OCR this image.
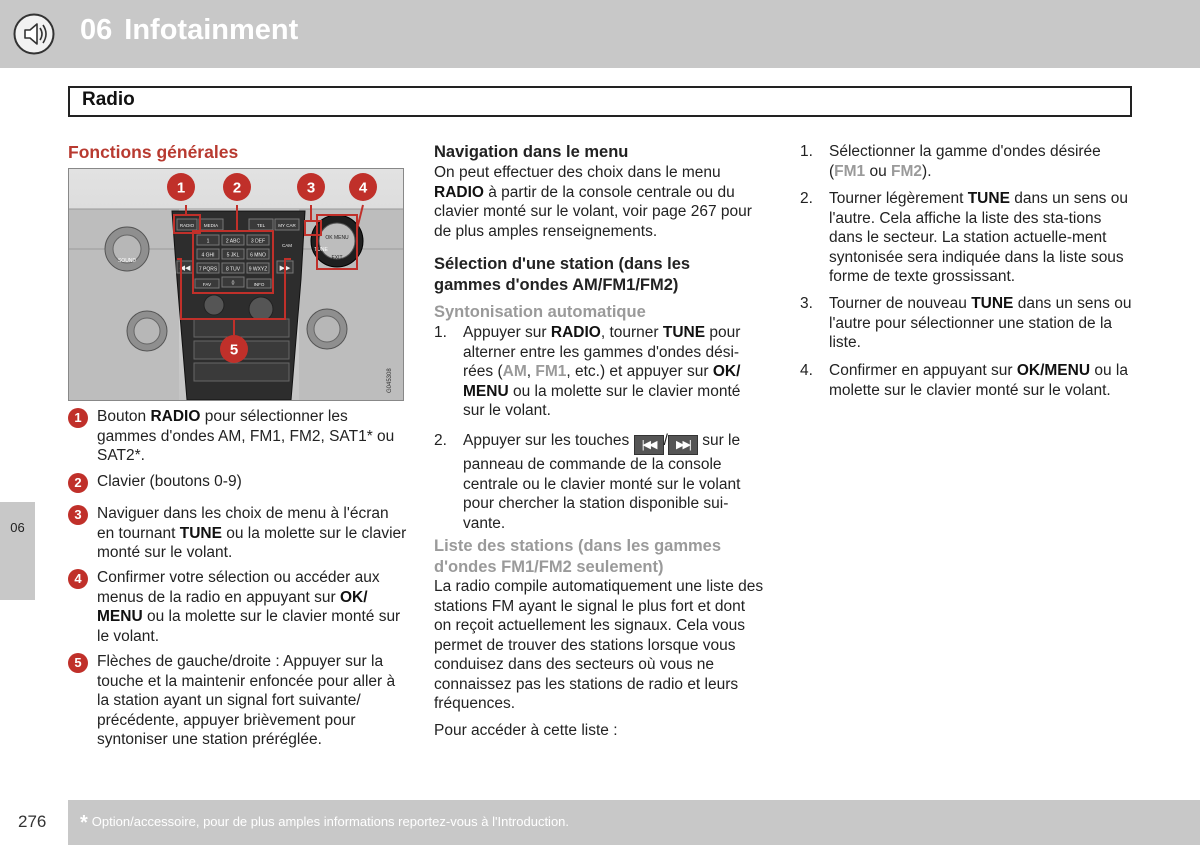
06 Infotainment
Radio
06
Fonctions générales
SOUND
OK MENU
TUNE
EXIT
RADIO MEDIA	TEL	MY CAR
CAM
◀◀	▶▶
1	2 ABC 3 DEF
4 GHI 5 JKL 6 MNO
7 PQRS 8 TUV 9 WXYZ
0
FAV	INFO
1	2	3	4
5
G045308
1 Bouton RADIO pour sélectionner les gammes d'ondes AM, FM1, FM2, SAT1* ou SAT2*.
2 Clavier (boutons 0-9)
3 Naviguer dans les choix de menu à l'écran en tournant TUNE ou la molette sur le clavier monté sur le volant.
4 Confirmer votre sélection ou accéder aux menus de la radio en appuyant sur OK/ MENU ou la molette sur le clavier monté sur le volant.
5 Flèches de gauche/droite : Appuyer sur la touche et la maintenir enfoncée pour aller à la station ayant un signal fort suivante/ précédente, appuyer brièvement pour syntoniser une station préréglée.
Navigation dans le menu
On peut effectuer des choix dans le menu RADIO à partir de la console centrale ou du clavier monté sur le volant, voir page 267 pour de plus amples renseignements.
Sélection d'une station (dans les gammes d'ondes AM/FM1/FM2)
Syntonisation automatique
1. Appuyer sur RADIO, tourner TUNE pour alterner entre les gammes d'ondes dési-rées (AM, FM1, etc.) et appuyer sur OK/ MENU ou la molette sur le clavier monté sur le volant.
2. Appuyer sur les touches |◀◀ / ▶▶| sur le panneau de commande de la console centrale ou le clavier monté sur le volant pour chercher la station disponible sui-vante.
Liste des stations (dans les gammes d'ondes FM1/FM2 seulement)
La radio compile automatiquement une liste des stations FM ayant le signal le plus fort et dont on reçoit actuellement les signaux. Cela vous permet de trouver des stations lorsque vous conduisez dans des secteurs où vous ne connaissez pas les stations de radio et leurs fréquences.
Pour accéder à cette liste :
1. Sélectionner la gamme d'ondes désirée (FM1 ou FM2).
2. Tourner légèrement TUNE dans un sens ou l'autre. Cela affiche la liste des sta-tions dans le secteur. La station actuelle-ment syntonisée sera indiquée dans la liste sous forme de texte grossissant.
3. Tourner de nouveau TUNE dans un sens ou l'autre pour sélectionner une station de la liste.
4. Confirmer en appuyant sur OK/MENU ou la molette sur le clavier monté sur le volant.
276 * Option/accessoire, pour de plus amples informations reportez-vous à l'Introduction.
